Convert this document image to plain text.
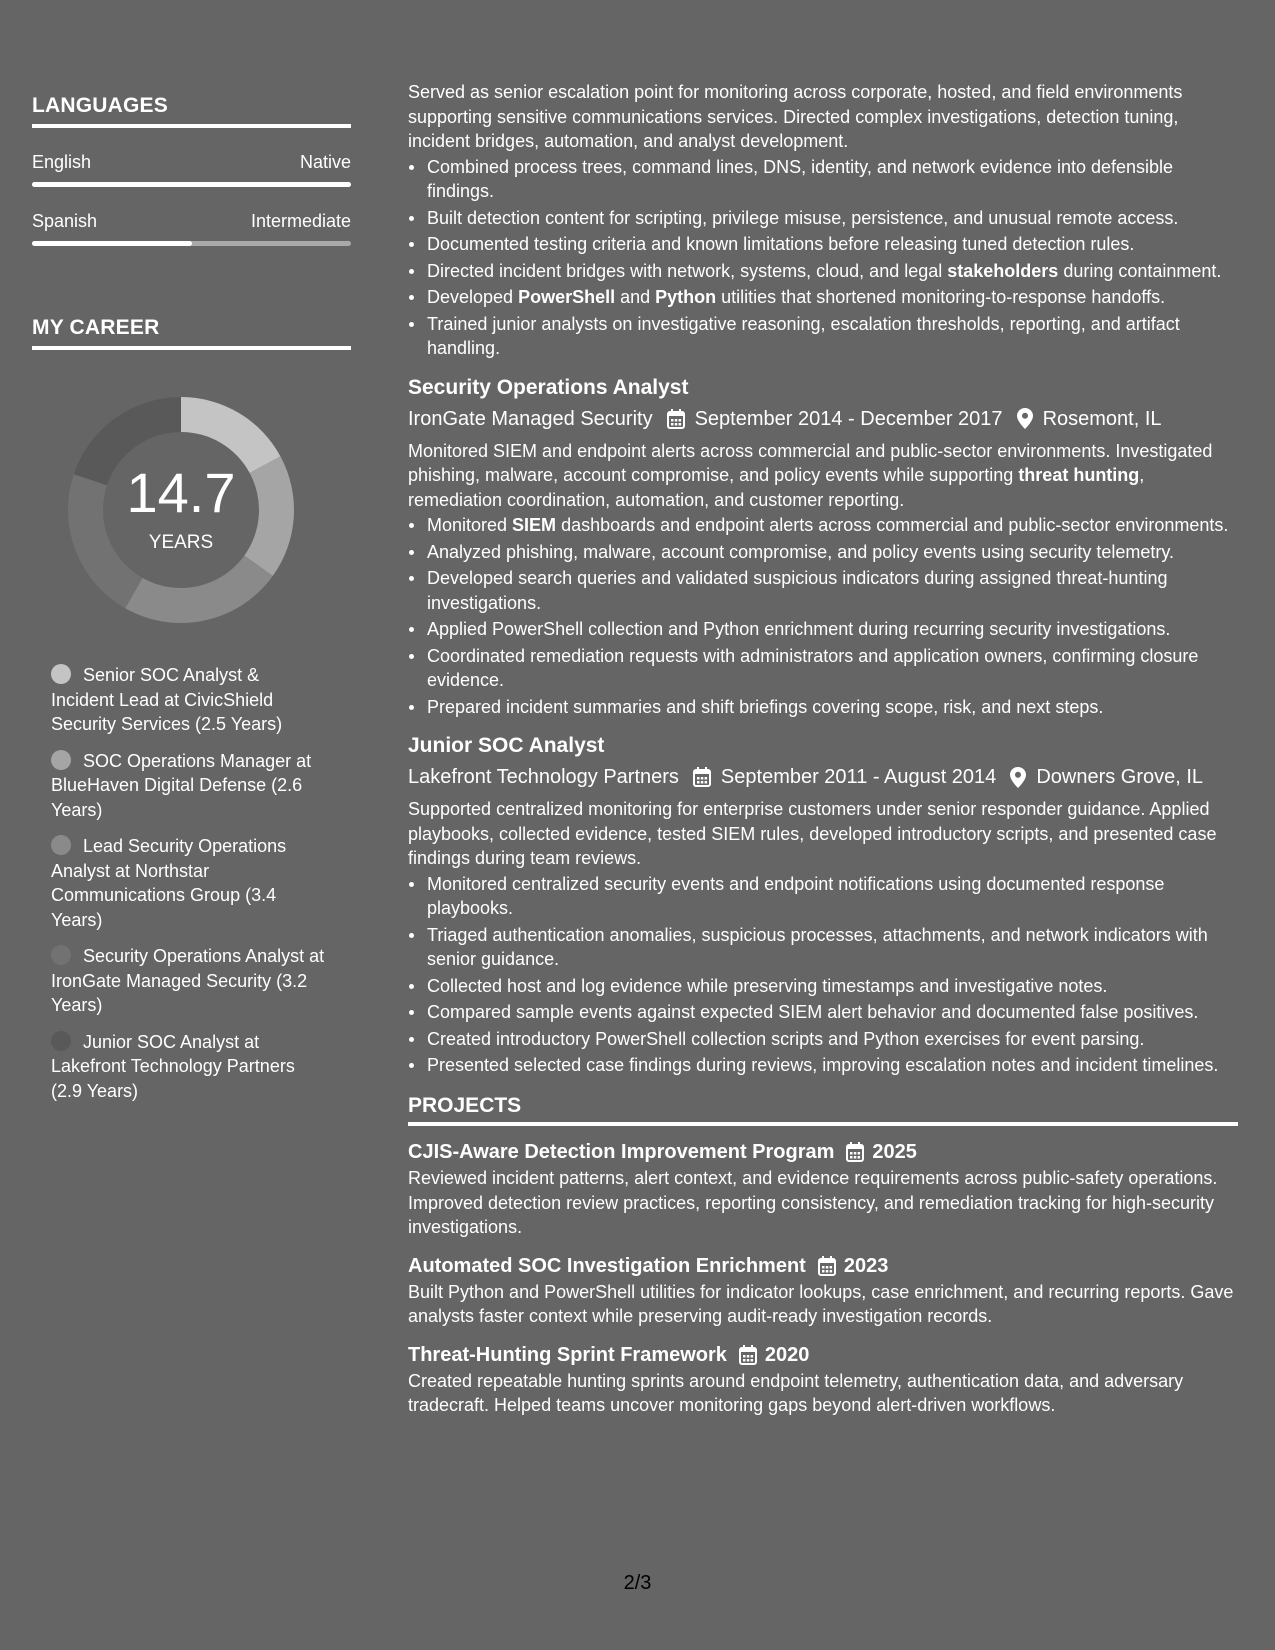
LANGUAGES
English	Native
Spanish	Intermediate
MY CAREER
14.7
YEARS
Senior SOC Analyst & Incident Lead at CivicShield Security Services (2.5 Years)
SOC Operations Manager at BlueHaven Digital Defense (2.6 Years)
Lead Security Operations Analyst at Northstar Communications Group (3.4 Years)
Security Operations Analyst at IronGate Managed Security (3.2 Years)
Junior SOC Analyst at Lakefront Technology Partners (2.9 Years)

Served as senior escalation point for monitoring across corporate, hosted, and field environments supporting sensitive communications services. Directed complex investigations, detection tuning, incident bridges, automation, and analyst development.

Combined process trees, command lines, DNS, identity, and network evidence into defensible findings.
Built detection content for scripting, privilege misuse, persistence, and unusual remote access.
Documented testing criteria and known limitations before releasing tuned detection rules.
Directed incident bridges with network, systems, cloud, and legal stakeholders during containment.
Developed PowerShell and Python utilities that shortened monitoring-to-response handoffs.
Trained junior analysts on investigative reasoning, escalation thresholds, reporting, and artifact handling.
Security Operations Analyst
IronGate Managed Security September 2014 - December 2017 Rosemont, IL

Monitored SIEM and endpoint alerts across commercial and public-sector environments. Investigated phishing, malware, account compromise, and policy events while supporting threat hunting, remediation coordination, automation, and customer reporting.

Monitored SIEM dashboards and endpoint alerts across commercial and public-sector environments.
Analyzed phishing, malware, account compromise, and policy events using security telemetry.
Developed search queries and validated suspicious indicators during assigned threat-hunting investigations.
Applied PowerShell collection and Python enrichment during recurring security investigations.
Coordinated remediation requests with administrators and application owners, confirming closure evidence.
Prepared incident summaries and shift briefings covering scope, risk, and next steps.
Junior SOC Analyst
Lakefront Technology Partners September 2011 - August 2014 Downers Grove, IL

Supported centralized monitoring for enterprise customers under senior responder guidance. Applied playbooks, collected evidence, tested SIEM rules, developed introductory scripts, and presented case findings during team reviews.

Monitored centralized security events and endpoint notifications using documented response playbooks.
Triaged authentication anomalies, suspicious processes, attachments, and network indicators with senior guidance.
Collected host and log evidence while preserving timestamps and investigative notes.
Compared sample events against expected SIEM alert behavior and documented false positives.
Created introductory PowerShell collection scripts and Python exercises for event parsing.
Presented selected case findings during reviews, improving escalation notes and incident timelines.
PROJECTS
CJIS-Aware Detection Improvement Program 2025

Reviewed incident patterns, alert context, and evidence requirements across public-safety operations. Improved detection review practices, reporting consistency, and remediation tracking for high-security investigations.

Automated SOC Investigation Enrichment 2023

Built Python and PowerShell utilities for indicator lookups, case enrichment, and recurring reports. Gave analysts faster context while preserving audit-ready investigation records.

Threat-Hunting Sprint Framework 2020

Created repeatable hunting sprints around endpoint telemetry, authentication data, and adversary tradecraft. Helped teams uncover monitoring gaps beyond alert-driven workflows.

2/3
